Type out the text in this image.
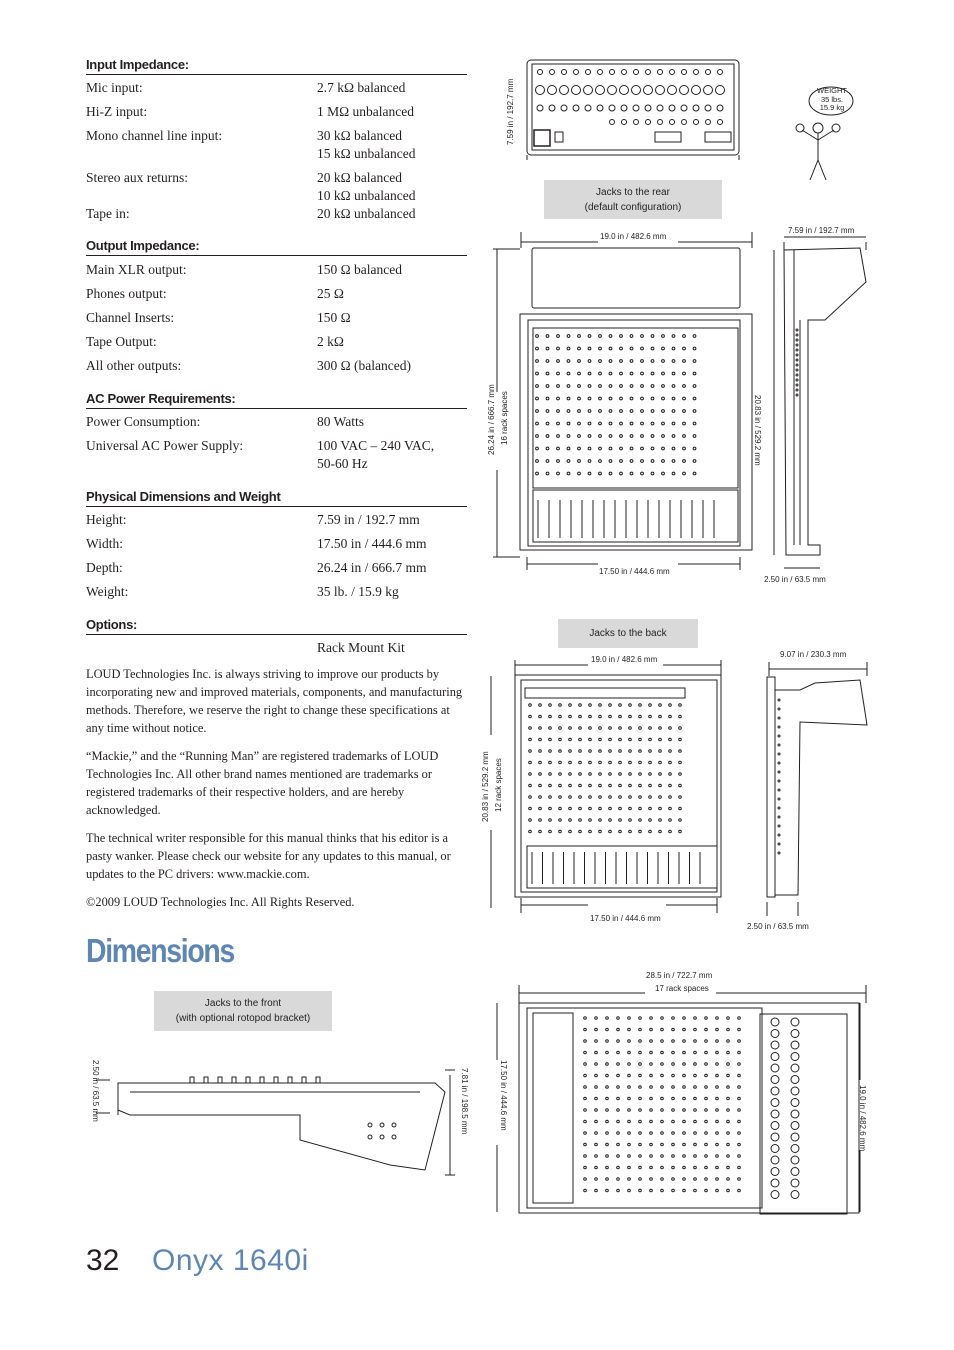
Input Impedance:
Mic input:	2.7 kΩ balanced
Hi-Z input:	1 MΩ unbalanced
Mono channel line input:	30 kΩ balanced
15 kΩ unbalanced
Stereo aux returns:	20 kΩ balanced
10 kΩ unbalanced
Tape in:	20 kΩ unbalanced
Output Impedance:
Main XLR output:	150 Ω balanced
Phones output:	25 Ω
Channel Inserts:	150 Ω
Tape Output:	2 kΩ
All other outputs:	300 Ω (balanced)
AC Power Requirements:
Power Consumption:	80 Watts
Universal AC Power Supply:	100 VAC – 240 VAC,
50-60 Hz
Physical Dimensions and Weight
Height:	7.59 in / 192.7 mm
Width:	17.50 in / 444.6 mm
Depth:	26.24 in / 666.7 mm
Weight:	35 lb. / 15.9 kg
Options:
Rack Mount Kit

LOUD Technologies Inc. is always striving to improve our products by incorporating new and improved materials, components, and manufacturing methods. Therefore, we reserve the right to change these specifications at any time without notice.

“Mackie,” and the “Running Man” are registered trademarks of LOUD Technologies Inc. All other brand names mentioned are trademarks or registered trademarks of their respective holders, and are hereby acknowledged.

The technical writer responsible for this manual thinks that his editor is a pasty wanker. Please check our website for any updates to this manual, or updates to the PC drivers: www.mackie.com.

©2009 LOUD Technologies Inc. All Rights Reserved.

Dimensions
32 Onyx 1640i
Jacks to the rear
(default configuration)
Jacks to the back
Jacks to the front
(with optional rotopod bracket)
WEIGHT
35 lbs.
15.9 kg
7.59 in / 192.7 mm
19.0 in / 482.6 mm
7.59 in / 192.7 mm
26.24 in / 666.7 mm 16 rack spaces	20.83 in / 529.2 mm
17.50 in / 444.6 mm
2.50 in / 63.5 mm
19.0 in / 482.6 mm
9.07 in / 230.3 mm
20.83 in / 529.2 mm 12 rack spaces
17.50 in / 444.6 mm
2.50 in / 63.5 mm
2.50 in / 63.5 mm	7.81 in / 198.5 mm
28.5 in / 722.7 mm
17 rack spaces
17.50 in / 444.6 mm	19.0 in / 482.6 mm
